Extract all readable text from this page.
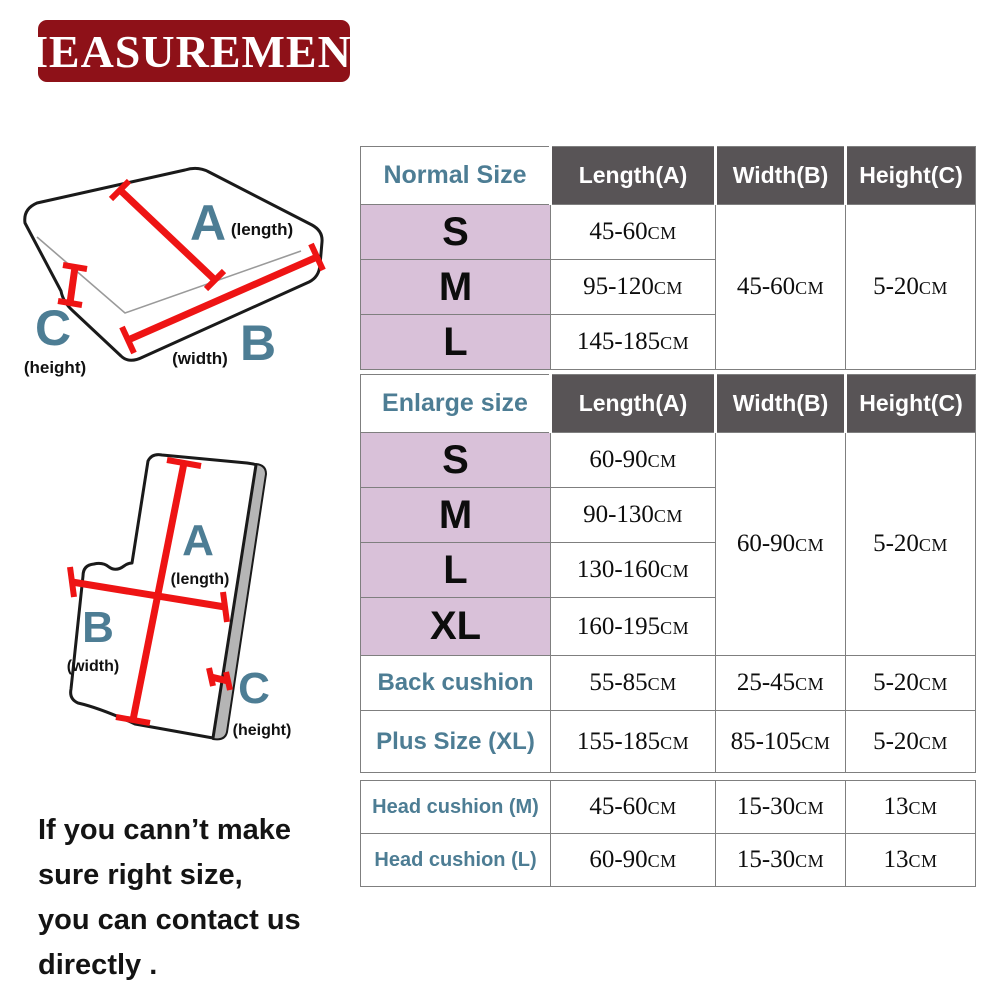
MEASUREMENT
A (length)
C
(height)	B
(width)
A
(length)
B
(width)	C
(height)
Normal Size	Length(A)	Width(B)	Height(C)
S	45-60CM	45-60CM	5-20CM
M	95-120CM		
L	145-185CM		
Enlarge size	Length(A)	Width(B)	Height(C)
S	60-90CM	60-90CM	5-20CM
M	90-130CM		
L	130-160CM		
XL	160-195CM		
Back cushion	55-85CM	25-45CM	5-20CM
Plus Size (XL)	155-185CM	85-105CM	5-20CM
Head cushion (M)	45-60CM	15-30CM	13CM
Head cushion (L)	60-90CM	15-30CM	13CM
If you cann’t make
sure right size,
you can contact us
directly .
